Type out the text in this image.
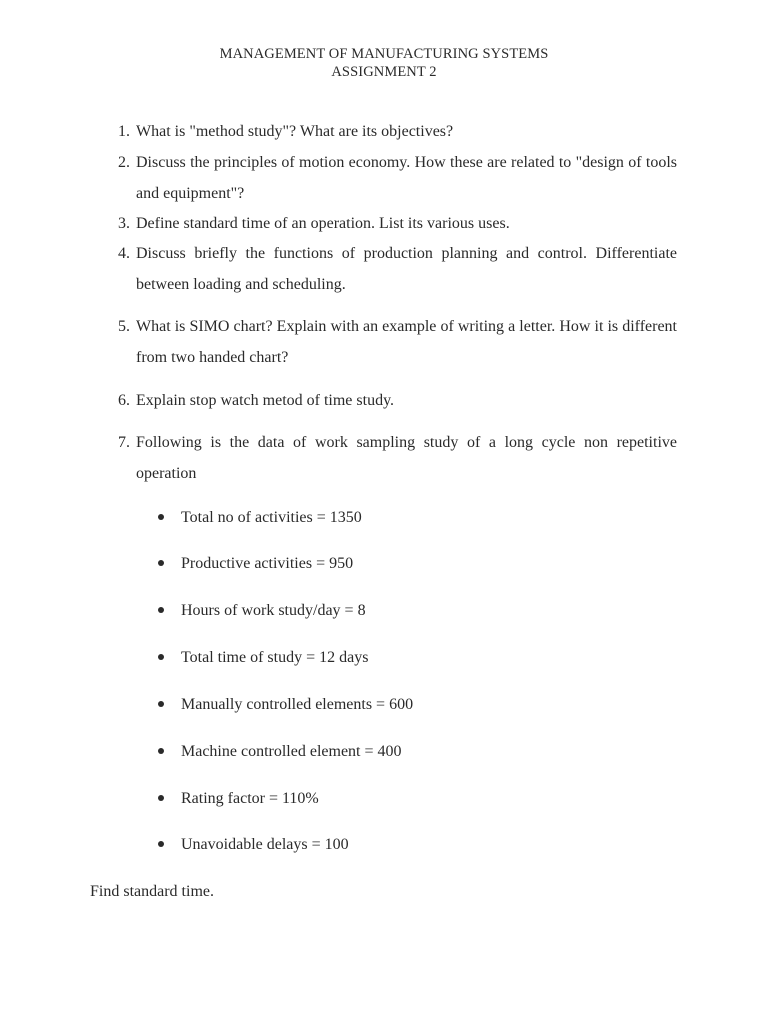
MANAGEMENT OF MANUFACTURING SYSTEMS
ASSIGNMENT 2
1. What is "method study"? What are its objectives?
2. Discuss the principles of motion economy. How these are related to "design of tools and equipment"?
3. Define standard time of an operation. List its various uses.
4. Discuss briefly the functions of production planning and control. Differentiate between loading and scheduling.
5. What is SIMO chart? Explain with an example of writing a letter. How it is different from two handed chart?
6. Explain stop watch metod of time study.
7. Following is the data of work sampling study of a long cycle non repetitive operation
Total no of activities = 1350
Productive activities = 950
Hours of work study/day = 8
Total time of study = 12 days
Manually controlled elements = 600
Machine controlled element = 400
Rating factor = 110%
Unavoidable delays = 100
Find standard time.
